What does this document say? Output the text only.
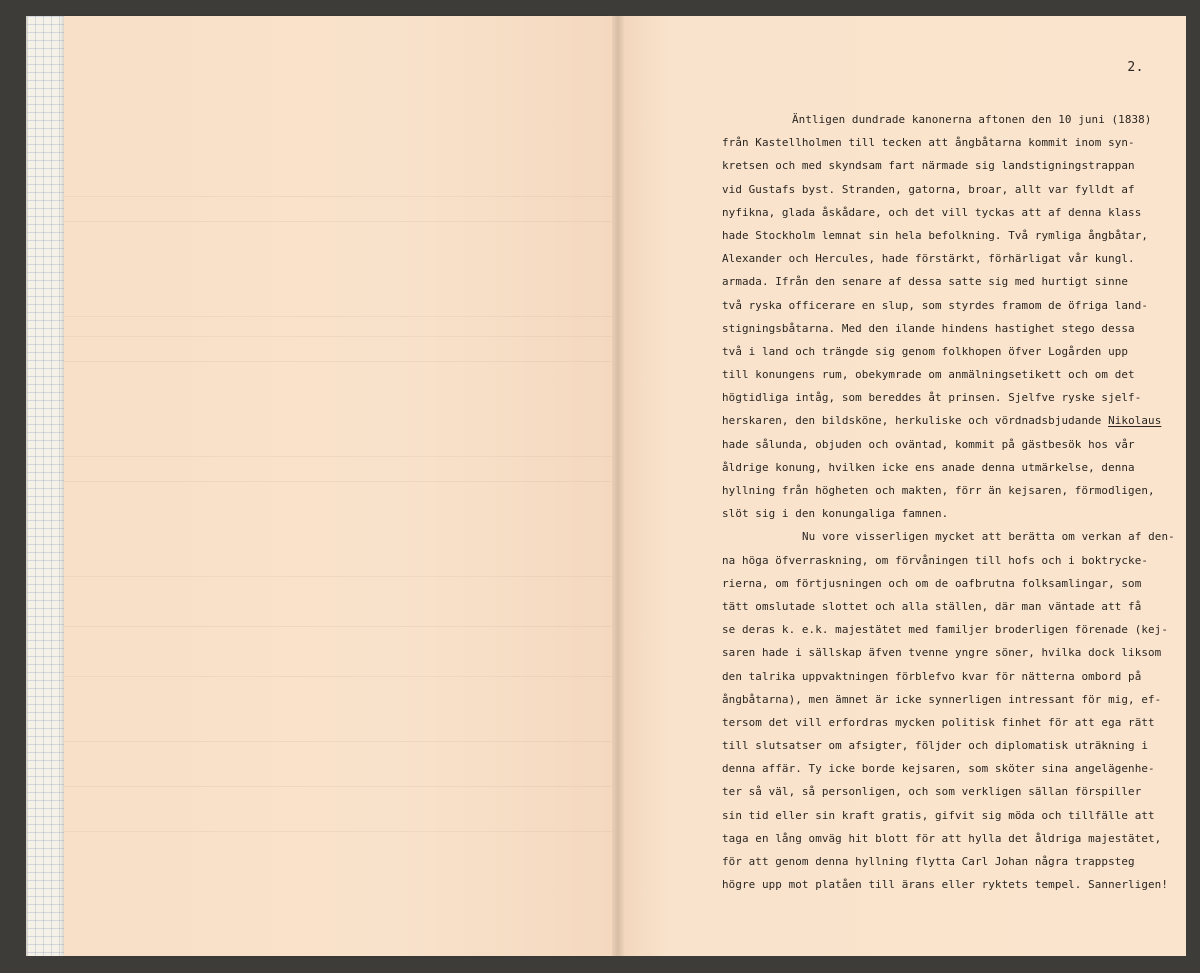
2.
Äntligen dundrade kanonerna aftonen den 10 juni (1838)
från Kastellholmen till tecken att ångbåtarna kommit inom syn-
kretsen och med skyndsam fart närmade sig landstigningstrappan
vid Gustafs byst. Stranden, gatorna, broar, allt var fylldt af
nyfikna, glada åskådare, och det vill tyckas att af denna klass
hade Stockholm lemnat sin hela befolkning. Två rymliga ångbåtar,
Alexander och Hercules, hade förstärkt, förhärligat vår kungl.
armada. Ifrån den senare af dessa satte sig med hurtigt sinne
två ryska officerare en slup, som styrdes framom de öfriga land-
stigningsbåtarna. Med den ilande hindens hastighet stego dessa
två i land och trängde sig genom folkhopen öfver Logården upp
till konungens rum, obekymrade om anmälningsetikett och om det
högtidliga intåg, som bereddes åt prinsen. Sjelfve ryske sjelf-
herskaren, den bildsköne, herkuliske och vördnadsbjudande Nikolaus
hade sålunda, objuden och oväntad, kommit på gästbesök hos vår
åldrige konung, hvilken icke ens anade denna utmärkelse, denna
hyllning från högheten och makten, förr än kejsaren, förmodligen,
slöt sig i den konungaliga famnen.
Nu vore visserligen mycket att berätta om verkan af den-
na höga öfverraskning, om förvåningen till hofs och i boktrycke-
rierna, om förtjusningen och om de oafbrutna folksamlingar, som
tätt omslutade slottet och alla ställen, där man väntade att få
se deras k. e.k. majestätet med familjer broderligen förenade (kej-
saren hade i sällskap äfven tvenne yngre söner, hvilka dock liksom
den talrika uppvaktningen förblefvo kvar för nätterna ombord på
ångbåtarna), men ämnet är icke synnerligen intressant för mig, ef-
tersom det vill erfordras mycken politisk finhet för att ega rätt
till slutsatser om afsigter, följder och diplomatisk uträkning i
denna affär. Ty icke borde kejsaren, som sköter sina angelägenhe-
ter så väl, så personligen, och som verkligen sällan förspiller
sin tid eller sin kraft gratis, gifvit sig möda och tillfälle att
taga en lång omväg hit blott för att hylla det åldriga majestätet,
för att genom denna hyllning flytta Carl Johan några trappsteg
högre upp mot platåen till ärans eller ryktets tempel. Sannerligen!
